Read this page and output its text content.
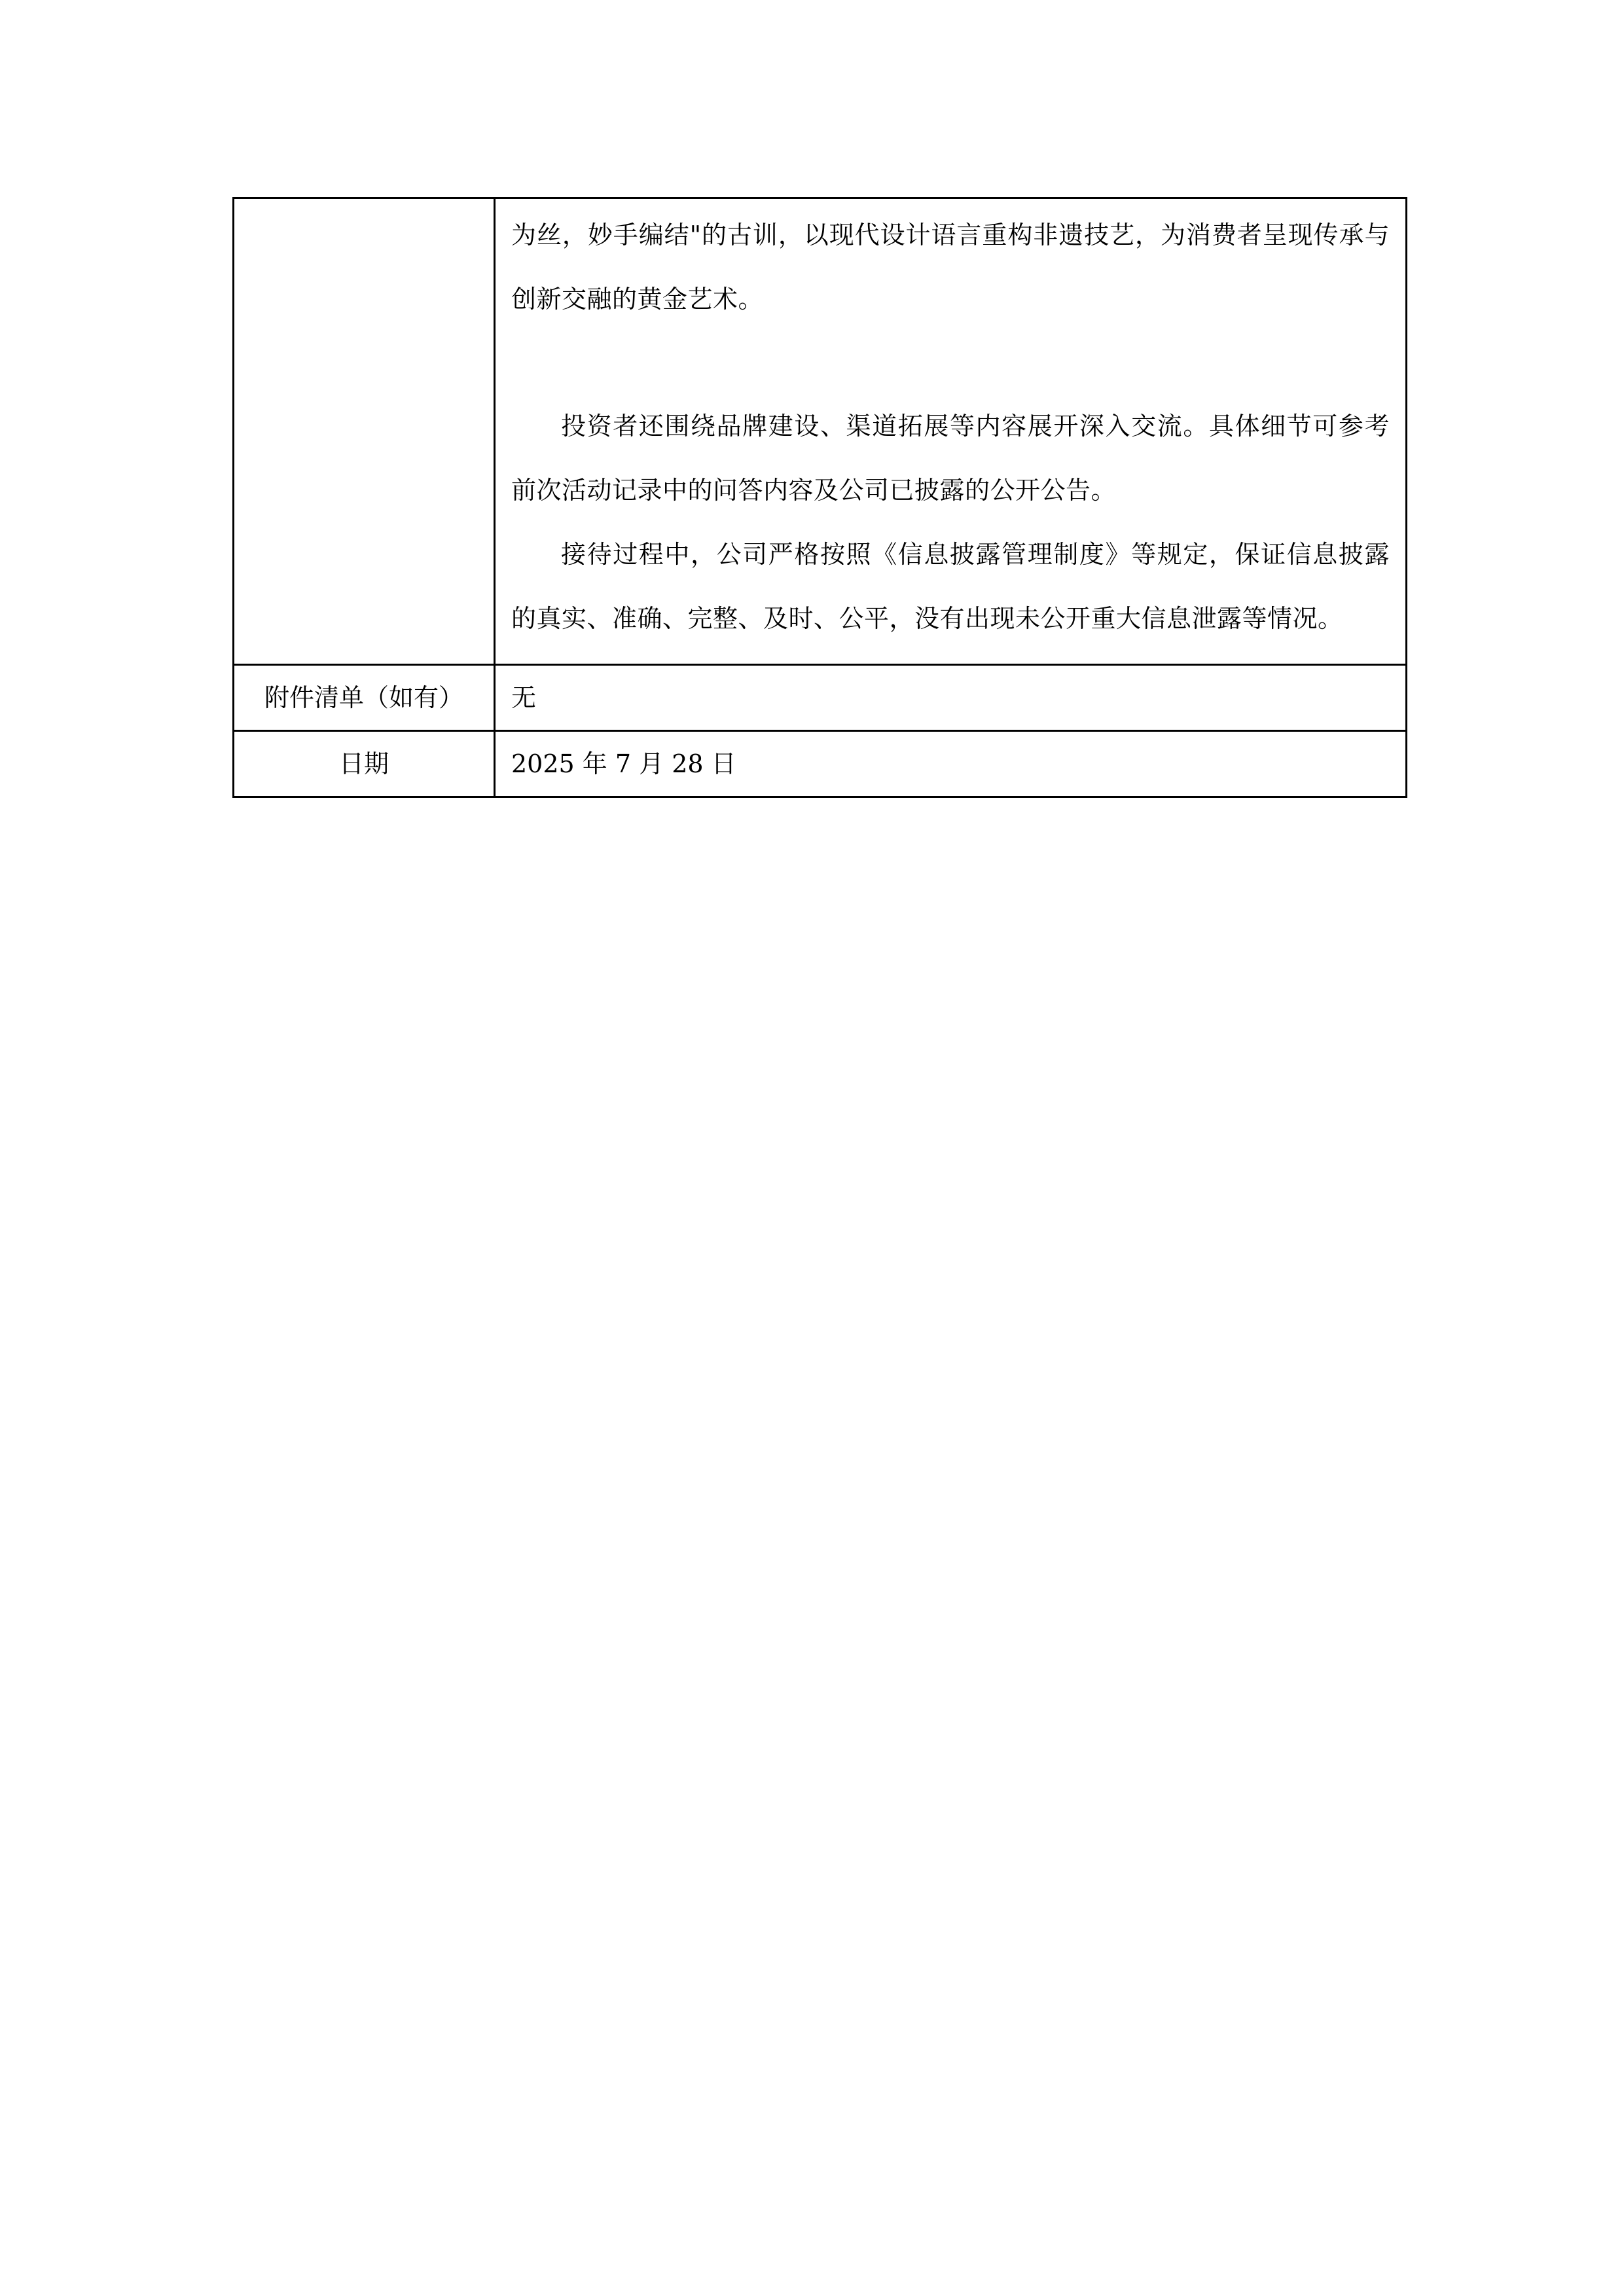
	为丝，妙手编结"的古训，以现代设计语言重构非遗技艺，为消费者呈现传承与创新交融的黄金艺术。

投资者还围绕品牌建设、渠道拓展等内容展开深入交流。具体细节可参考前次活动记录中的问答内容及公司已披露的公开公告。

接待过程中，公司严格按照《信息披露管理制度》等规定，保证信息披露的真实、准确、完整、及时、公平，没有出现未公开重大信息泄露等情况。

附件清单（如有）	无

日期	2025 年 7 月 28 日
